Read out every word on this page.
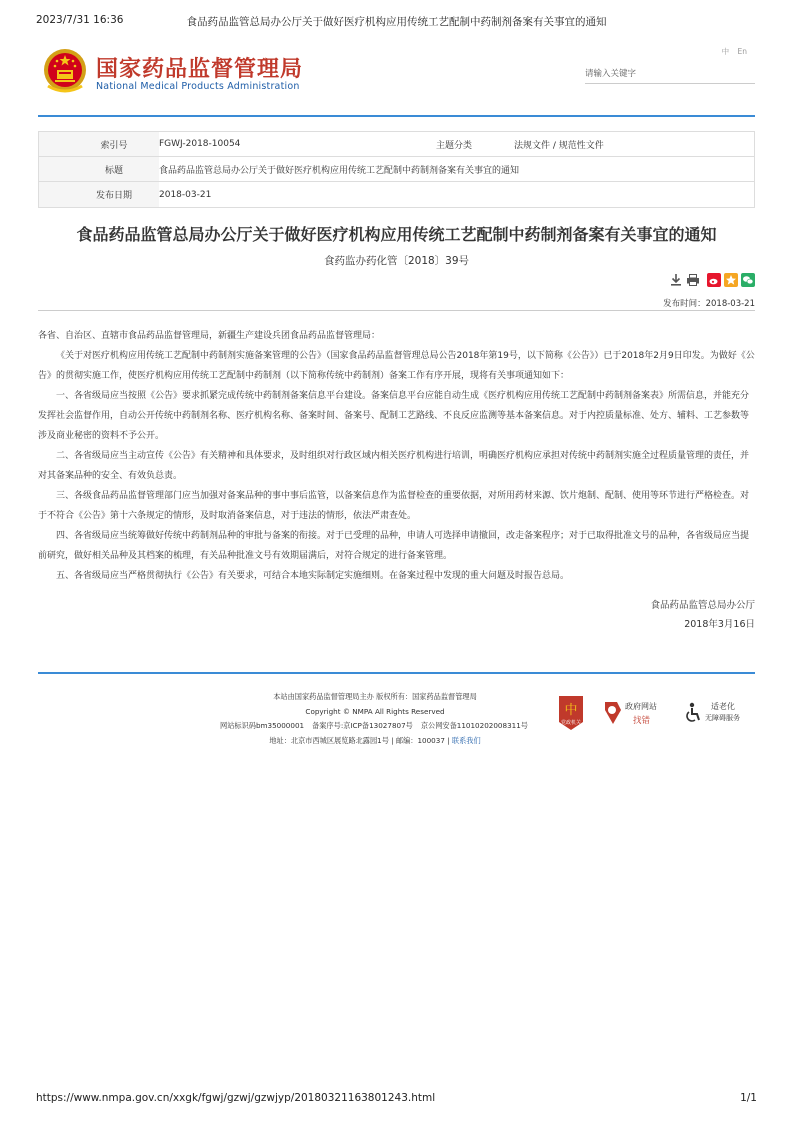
2023/7/31 16:36	食品药品监管总局办公厅关于做好医疗机构应用传统工艺配制中药制剂备案有关事宜的通知
国家药品监督管理局
National Medical Products Administration
中 En
请输入关键字
索引号	FGWJ-2018-10054	主题分类	法规文件 / 规范性文件
标题	食品药品监管总局办公厅关于做好医疗机构应用传统工艺配制中药制剂备案有关事宜的通知
发布日期	2018-03-21
食品药品监管总局办公厅关于做好医疗机构应用传统工艺配制中药制剂备案有关事宜的通知
食药监办药化管〔2018〕39号
发布时间：2018-03-21

各省、自治区、直辖市食品药品监督管理局，新疆生产建设兵团食品药品监督管理局：

《关于对医疗机构应用传统工艺配制中药制剂实施备案管理的公告》（国家食品药品监督管理总局公告2018年第19号，以下简称《公告》）已于2018年2月9日印发。为做好《公告》的贯彻实施工作，使医疗机构应用传统工艺配制中药制剂（以下简称传统中药制剂）备案工作有序开展，现将有关事项通知如下：

一、各省级局应当按照《公告》要求抓紧完成传统中药制剂备案信息平台建设。备案信息平台应能自动生成《医疗机构应用传统工艺配制中药制剂备案表》所需信息，并能充分发挥社会监督作用，自动公开传统中药制剂名称、医疗机构名称、备案时间、备案号、配制工艺路线、不良反应监测等基本备案信息。对于内控质量标准、处方、辅料、工艺参数等涉及商业秘密的资料不予公开。

二、各省级局应当主动宣传《公告》有关精神和具体要求，及时组织对行政区域内相关医疗机构进行培训，明确医疗机构应承担对传统中药制剂实施全过程质量管理的责任，并对其备案品种的安全、有效负总责。

三、各级食品药品监督管理部门应当加强对备案品种的事中事后监管，以备案信息作为监督检查的重要依据，对所用药材来源、饮片炮制、配制、使用等环节进行严格检查。对于不符合《公告》第十六条规定的情形，及时取消备案信息，对于违法的情形，依法严肃查处。

四、各省级局应当统筹做好传统中药制剂品种的审批与备案的衔接。对于已受理的品种，申请人可选择申请撤回，改走备案程序；对于已取得批准文号的品种，各省级局应当提前研究，做好相关品种及其档案的梳理，有关品种批准文号有效期届满后，对符合规定的进行备案管理。

五、各省级局应当严格贯彻执行《公告》有关要求，可结合本地实际制定实施细则。在备案过程中发现的重大问题及时报告总局。

食品药品监管总局办公厅
2018年3月16日
本站由国家药品监督管理局主办 版权所有：国家药品监督管理局
Copyright © NMPA All Rights Reserved
网站标识码bm35000001 备案序号:京ICP备13027807号 京公网安备11010202008311号
地址：北京市西城区展览路北露园1号 | 邮编：100037 | 联系我们
中
党政机关
政府网站
找错
适老化
无障碍服务
https://www.nmpa.gov.cn/xxgk/fgwj/gzwj/gzwjyp/20180321163801243.html	1/1
